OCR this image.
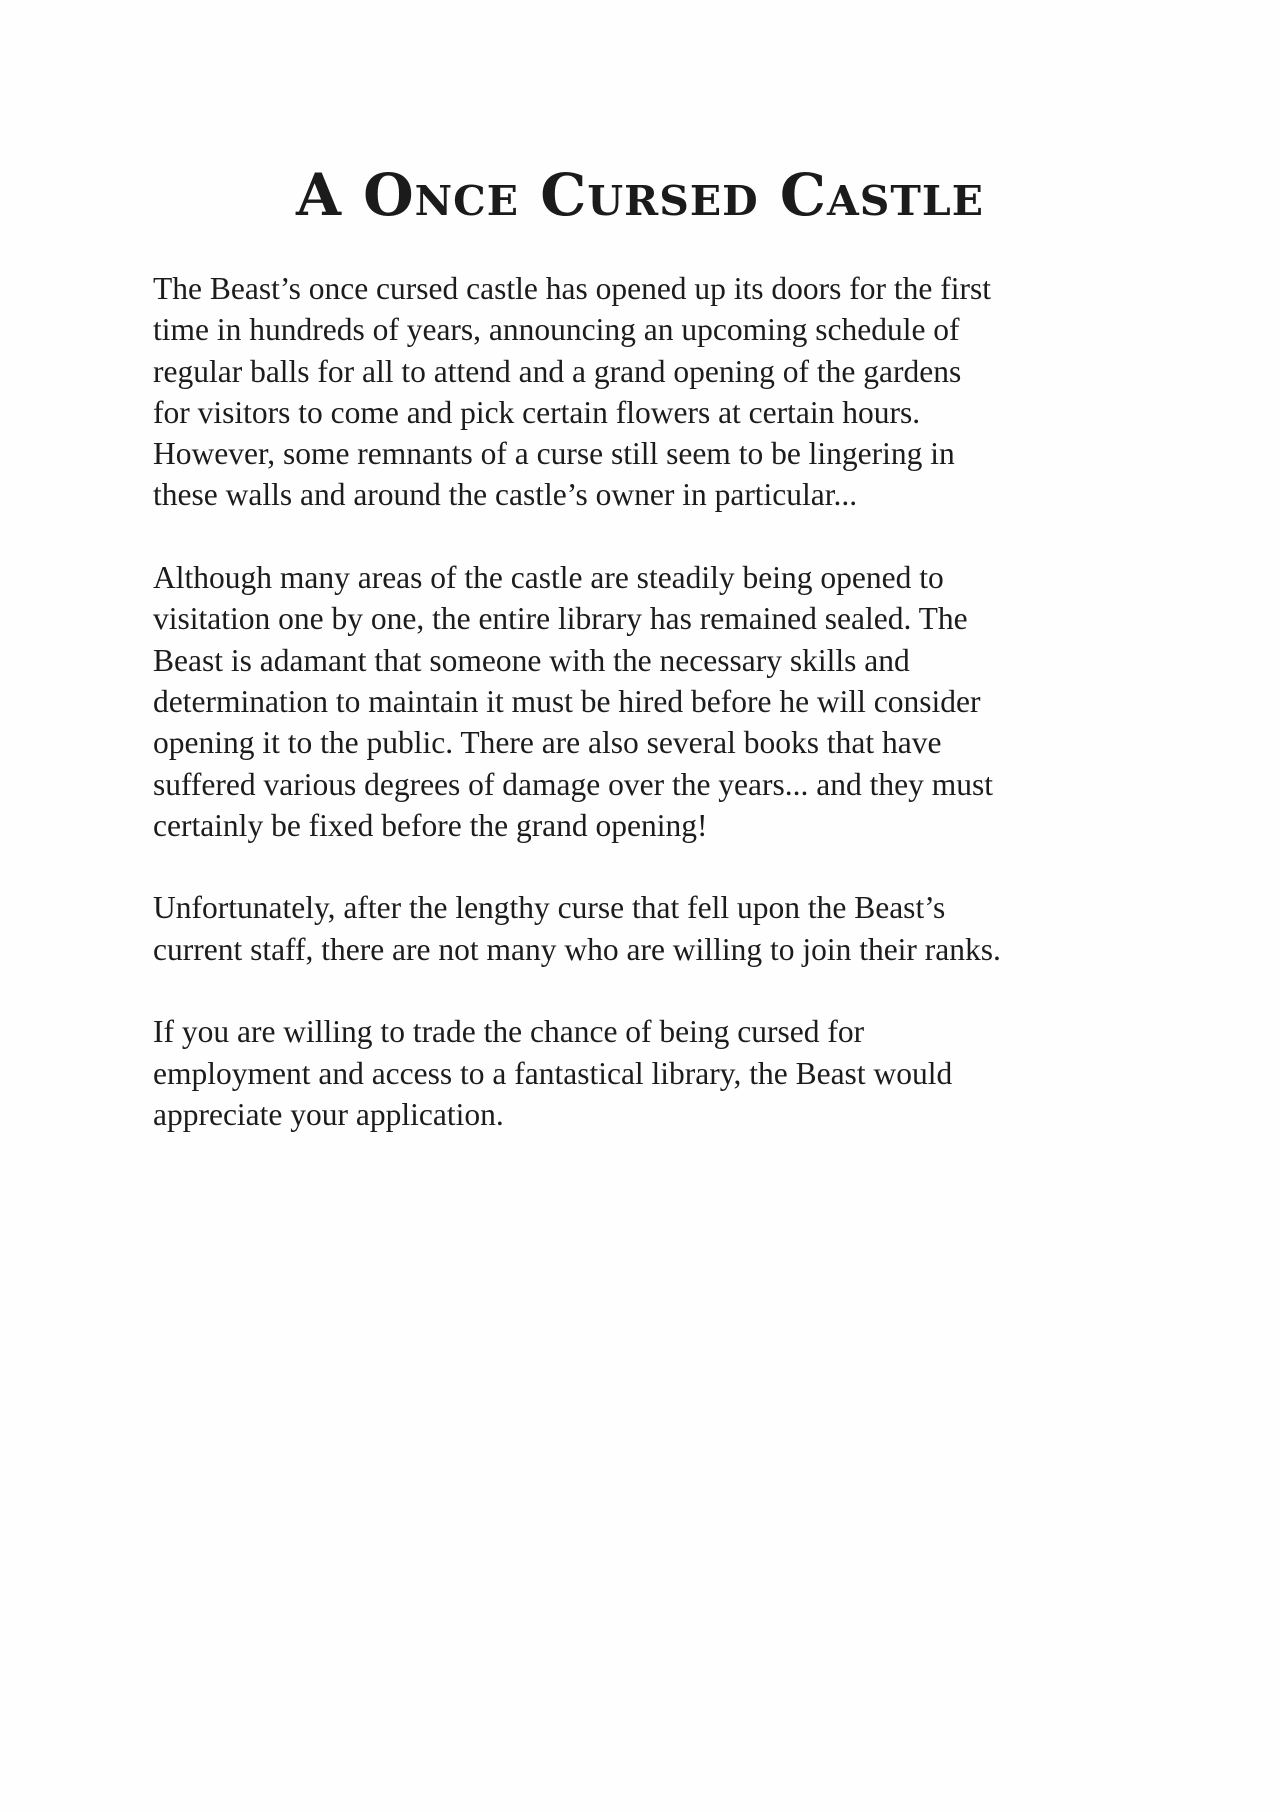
A Once Cursed Castle

The Beast’s once cursed castle has opened up its doors for the first
time in hundreds of years, announcing an upcoming schedule of
regular balls for all to attend and a grand opening of the gardens
for visitors to come and pick certain flowers at certain hours.
However, some remnants of a curse still seem to be lingering in
these walls and around the castle’s owner in particular...

Although many areas of the castle are steadily being opened to
visitation one by one, the entire library has remained sealed. The
Beast is adamant that someone with the necessary skills and
determination to maintain it must be hired before he will consider
opening it to the public. There are also several books that have
suffered various degrees of damage over the years... and they must
certainly be fixed before the grand opening!

Unfortunately, after the lengthy curse that fell upon the Beast’s
current staff, there are not many who are willing to join their ranks.

If you are willing to trade the chance of being cursed for
employment and access to a fantastical library, the Beast would
appreciate your application.
